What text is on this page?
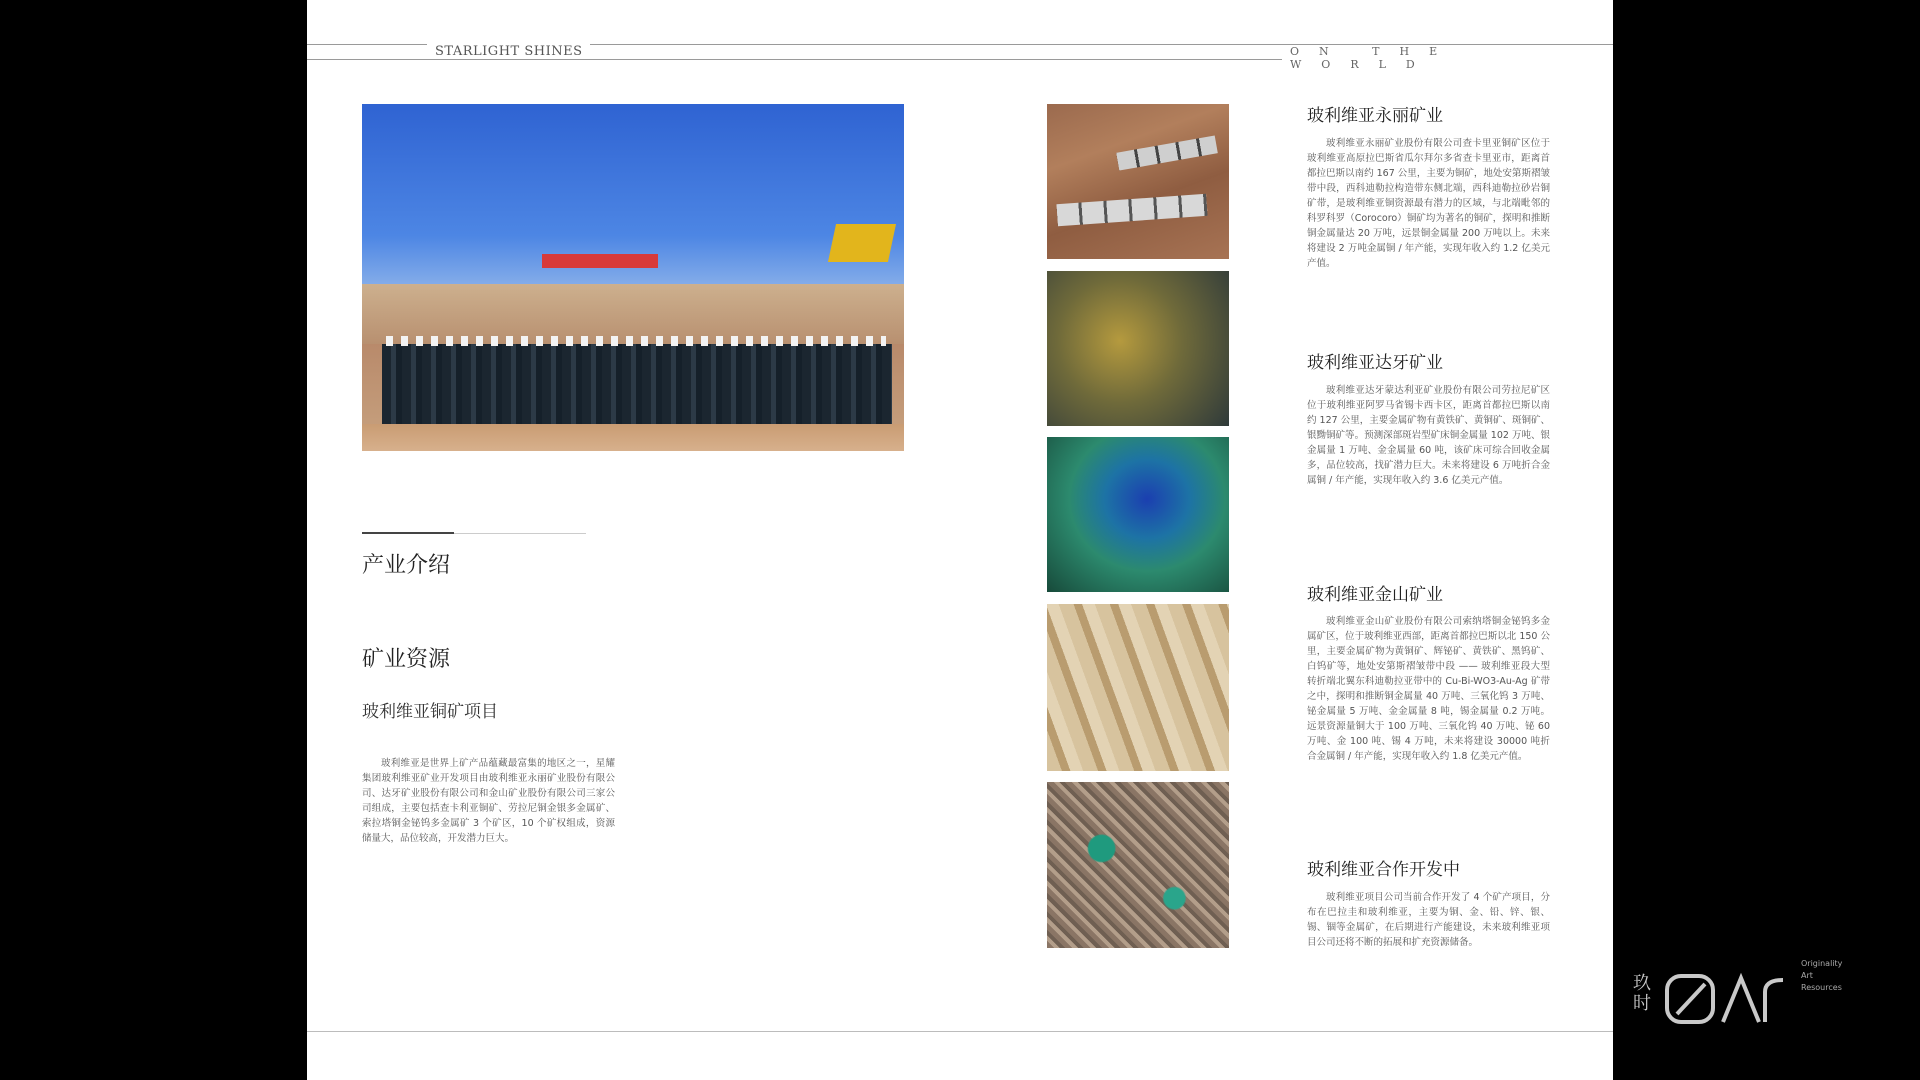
STARLIGHT SHINES	ON THE WORLD
产业介绍
矿业资源
玻利维亚铜矿项目
玻利维亚是世界上矿产品蕴藏最富集的地区之一，星耀集团玻利维亚矿业开发项目由玻利维亚永丽矿业股份有限公司、达牙矿业股份有限公司和金山矿业股份有限公司三家公司组成，主要包括查卡利亚铜矿、劳拉尼铜金银多金属矿、索拉塔铜金铋钨多金属矿 3 个矿区，10 个矿权组成，资源储量大，品位较高，开发潜力巨大。
玻利维亚永丽矿业
玻利维亚永丽矿业股份有限公司查卡里亚铜矿区位于玻利维亚高原拉巴斯省瓜尔拜尔多省查卡里亚市，距离首都拉巴斯以南约 167 公里，主要为铜矿，地处安第斯褶皱带中段，西科迪勒拉构造带东侧北端，西科迪勒拉砂岩铜矿带，是玻利维亚铜资源最有潜力的区域，与北端毗邻的科罗科罗（Corocoro）铜矿均为著名的铜矿，探明和推断铜金属量达 20 万吨，远景铜金属量 200 万吨以上。未来将建设 2 万吨金属铜 / 年产能，实现年收入约 1.2 亿美元产值。
玻利维亚达牙矿业
玻利维亚达牙蒙达利亚矿业股份有限公司劳拉尼矿区位于玻利维亚阿罗马省锡卡西卡区，距离首都拉巴斯以南约 127 公里，主要金属矿物有黄铁矿、黄铜矿、斑铜矿、银黝铜矿等。预测深部斑岩型矿床铜金属量 102 万吨、银金属量 1 万吨、金金属量 60 吨，该矿床可综合回收金属多，品位较高，找矿潜力巨大。未来将建设 6 万吨折合金属铜 / 年产能，实现年收入约 3.6 亿美元产值。
玻利维亚金山矿业
玻利维亚金山矿业股份有限公司索纳塔铜金铋钨多金属矿区，位于玻利维亚西部，距离首都拉巴斯以北 150 公里，主要金属矿物为黄铜矿、辉铋矿、黄铁矿、黑钨矿、白钨矿等，地处安第斯褶皱带中段 —— 玻利维亚段大型转折端北翼东科迪勒拉亚带中的 Cu-Bi-WO3-Au-Ag 矿带之中，探明和推断铜金属量 40 万吨、三氧化钨 3 万吨、铋金属量 5 万吨、金金属量 8 吨，锡金属量 0.2 万吨。远景资源量铜大于 100 万吨、三氧化钨 40 万吨、铋 60 万吨、金 100 吨、锡 4 万吨，未来将建设 30000 吨折合金属铜 / 年产能，实现年收入约 1.8 亿美元产值。
玻利维亚合作开发中
玻利维亚项目公司当前合作开发了 4 个矿产项目，分布在巴拉圭和玻利维亚，主要为铜、金、铅、锌、银、锡、锢等金属矿，在后期进行产能建设，未来玻利维亚项目公司还将不断的拓展和扩充资源储备。
玖时
Originality
Art
Resources
